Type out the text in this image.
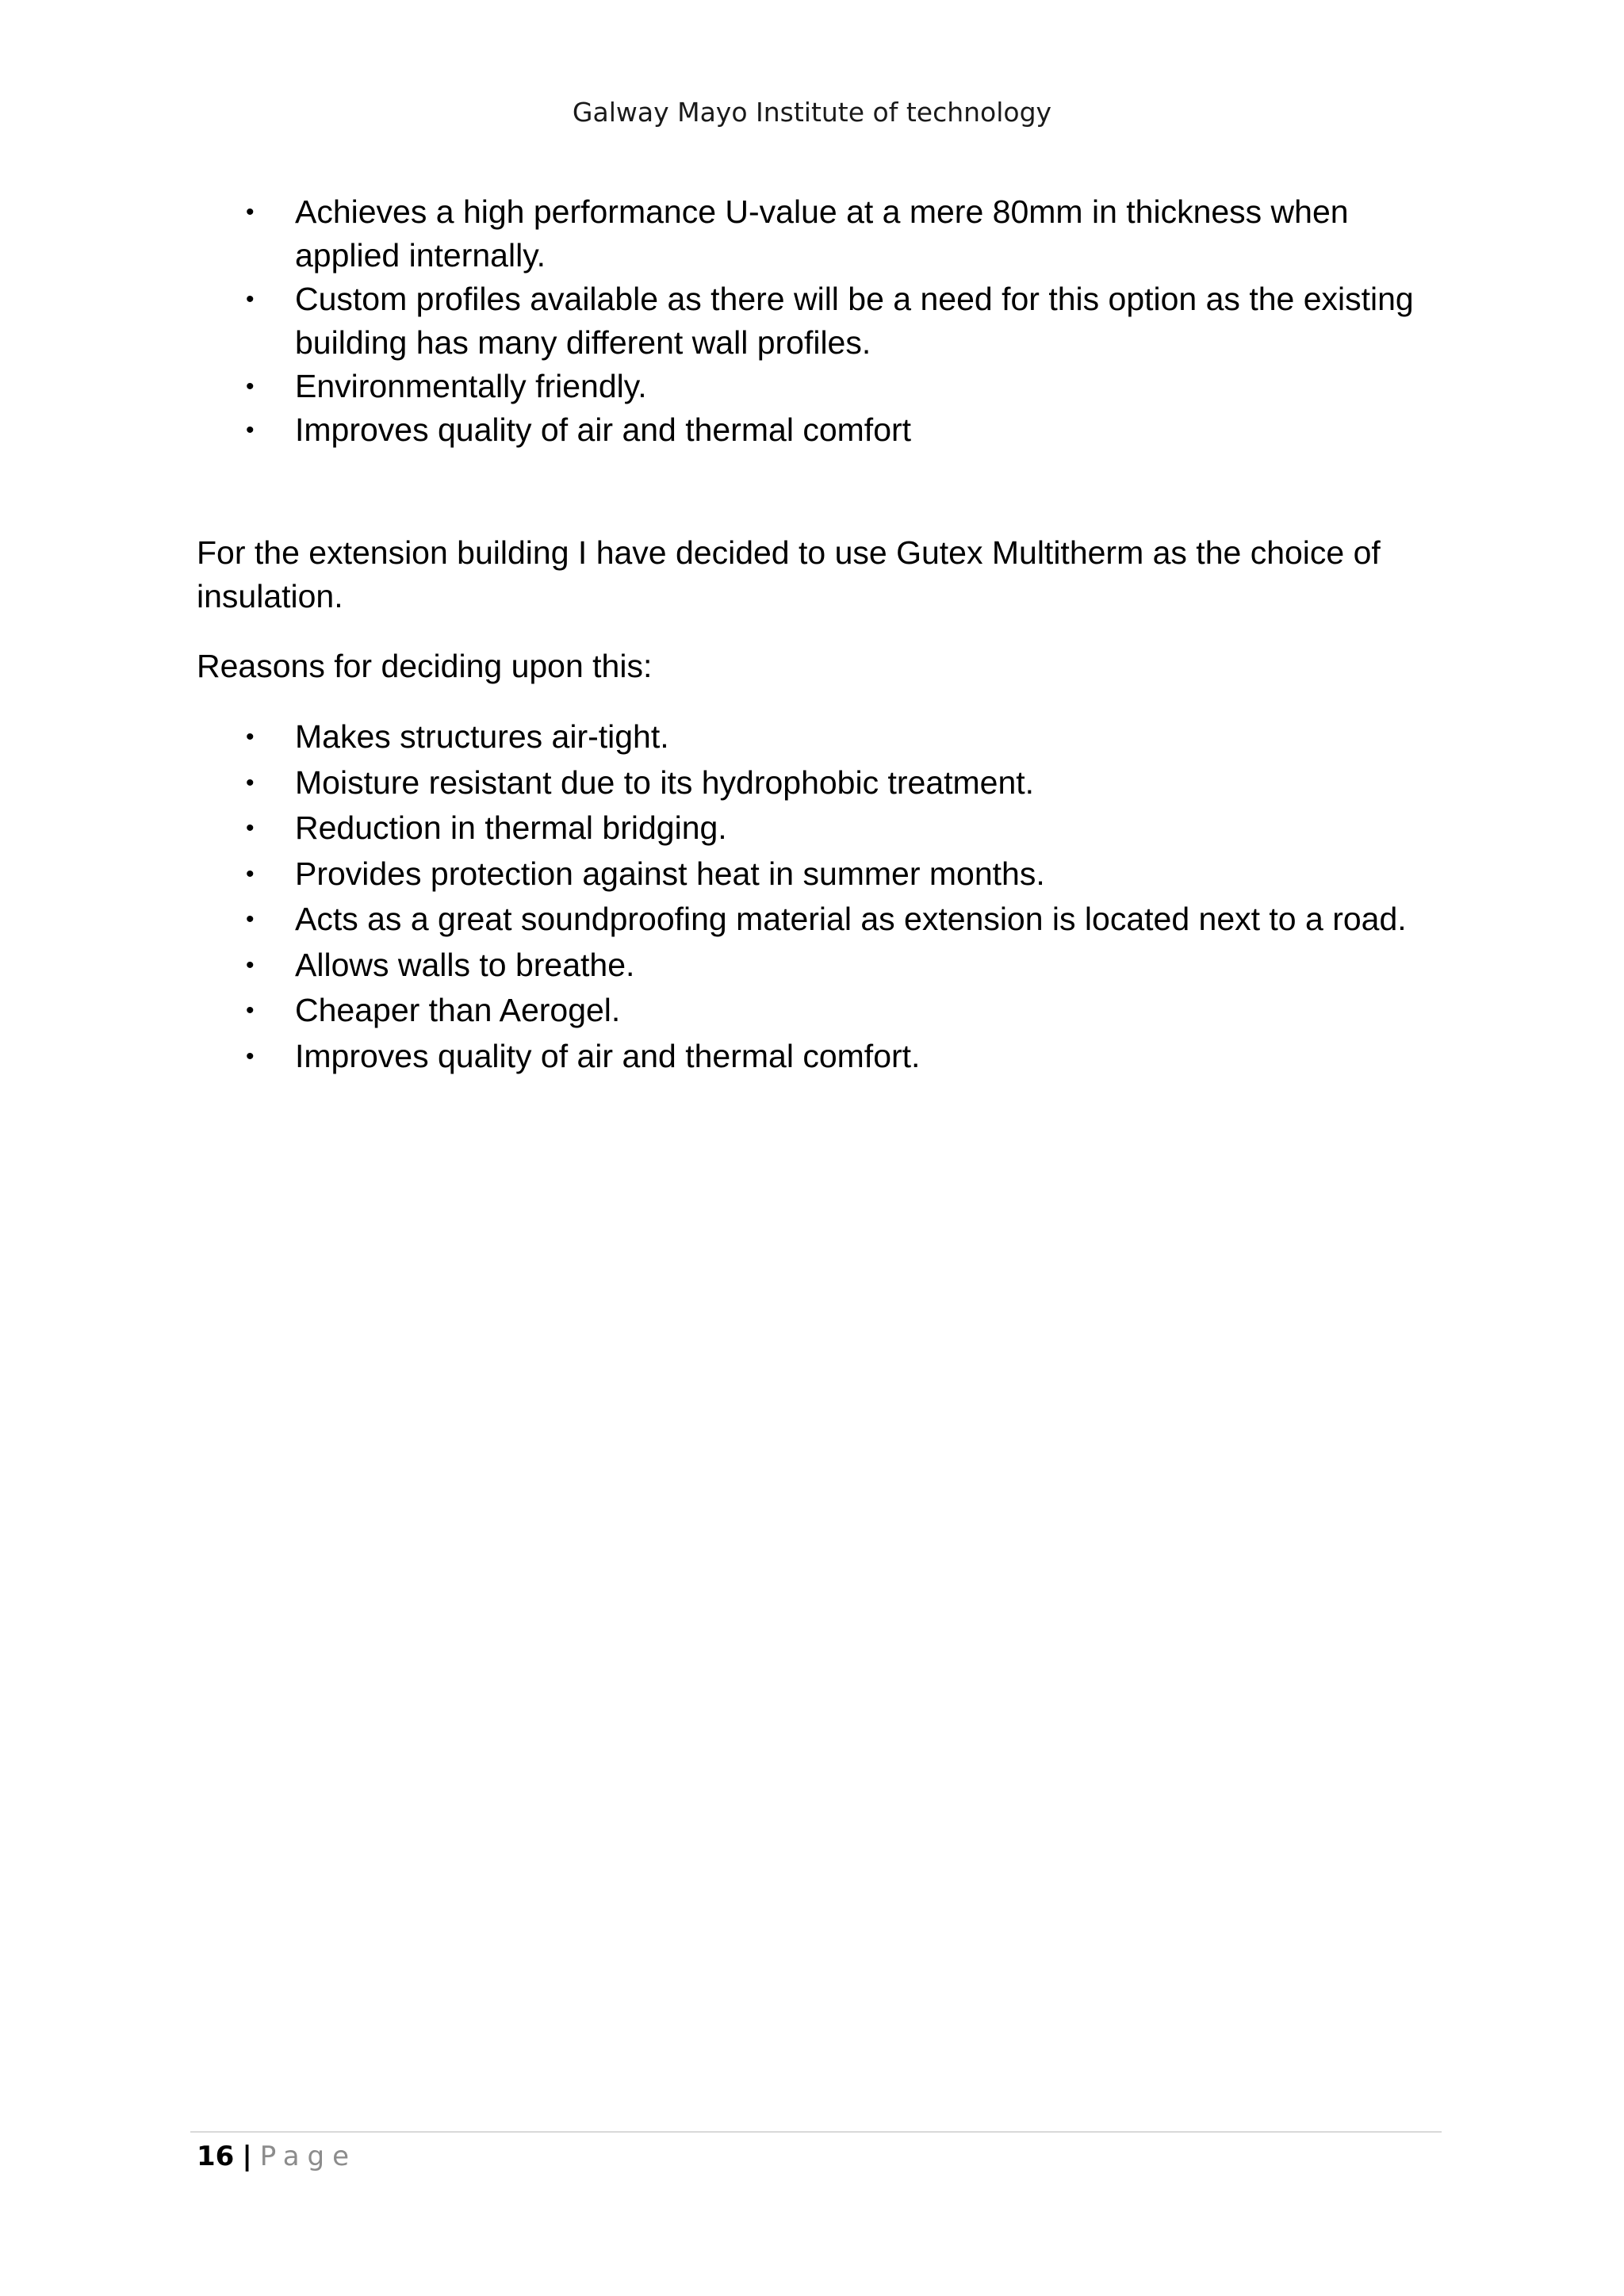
Galway Mayo Institute of technology
• Achieves a high performance U-value at a mere 80mm in thickness when applied internally.
• Custom profiles available as there will be a need for this option as the existing building has many different wall profiles.
• Environmentally friendly.
• Improves quality of air and thermal comfort

For the extension building I have decided to use Gutex Multitherm as the choice of insulation.

Reasons for deciding upon this:

• Makes structures air-tight.
• Moisture resistant due to its hydrophobic treatment.
• Reduction in thermal bridging.
• Provides protection against heat in summer months.
• Acts as a great soundproofing material as extension is located next to a road.
• Allows walls to breathe.
• Cheaper than Aerogel.
• Improves quality of air and thermal comfort.
16 | Page
